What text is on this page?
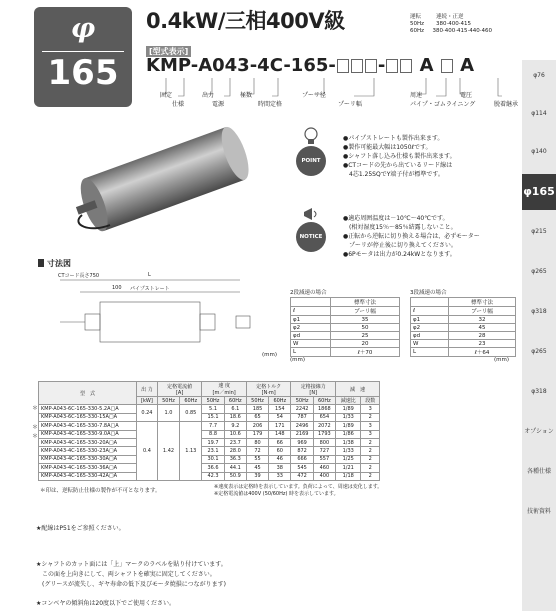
φ
165
0.4kW/三相400V級	運転	連続・正逆
50Hz	380·400·415
60Hz	380·400·415·440·460
[型式表示]
KMP-A043-4C-165- - A A
固定
仕様
出力
電源
極数
時間定格
プーリ径
プーリ幅
周速
パイプ・ゴムライニング
電圧
脱着継承
φ76
φ114
φ140
φ165
φ215
φ265
φ318
φ265
φ318
オプション
各種仕様
技術資料
POINT
●パイプストレートも製作出来ます。
●製作可能最大幅は1050ℓです。
●シャフト落し込み仕様も製作出来ます。
●CTコードの先から出ているリード線は
　4芯1.25SQでY端子付が標準です。
NOTICE
●適応周囲温度は－10℃～40℃です。
　(相対湿度15％～85％結露しないこと。
●正転から逆転に切り換える場合は、必ずモーター
　プーリが停止後に切り換えてください。
●6Pモータは出力が0.24kWとなります。
寸法図
CTコード長さ750	L
100 パイプストレート
(mm)
2段減速の場合
	標準寸法
ℓ	プーリ幅
φ1	35
φ2	50
φd	25
W	20
L	ℓ＋70
3段減速の場合
	標準寸法
ℓ	プーリ幅
φ1	32
φ2	45
φd	28
W	23
L	ℓ＋64
(mm)	(mm)
型　式	出 力	定格電流値
[A]		速 度
[m／min]		定格トルク
[N·m]		定格接線力
[N]		減　速	
	[kW]	50Hz	60Hz	50Hz	60Hz	50Hz	60Hz	50Hz	60Hz	減速比	段数
KMP-A043-6C-165-330-5.2A□A	0.24	1.0	0.85	5.1	6.1	185	154	2242	1868	1/89	3
KMP-A043-6C-165-330-15A□A				15.1	18.6	65	54	787	654	1/33	2
KMP-A043-4C-165-330-7.8A□A	0.4	1.42	1.13	7.7	9.2	206	171	2496	2072	1/89	3
KMP-A043-4C-165-330-9.0A□A				8.8	10.6	179	148	2169	1793	1/86	3
KMP-A043-4C-165-330-20A□A				19.7	23.7	80	66	969	800	1/38	2
KMP-A043-4C-165-330-23A□A				23.1	28.0	72	60	872	727	1/33	2
KMP-A043-4C-165-330-30A□A				30.1	36.3	55	46	666	557	1/25	2
KMP-A043-4C-165-330-36A□A				36.6	44.1	45	38	545	460	1/21	2
KMP-A043-4C-165-330-42A□A				42.3	50.9	39	33	472	400	1/18	2
＊
＊
＊
＊印は、逆転防止仕様の製作が不可となります。
※速度表示は定格時を表示しています。負荷によって、周速は変化します。
※定格電流値は400V (50/60Hz) 時を表示しています。
★配線はP51をご参照ください。
★シャフトのカット面には「上」マークのラベルを貼り付けています。
　この面を上向きにして、両シャフトを確実に固定してください。
　(グリースが流失し、ギヤ寿命の低下及びモータ焼損につながります)
★コンベヤの傾斜角は20度以下でご使用ください。
